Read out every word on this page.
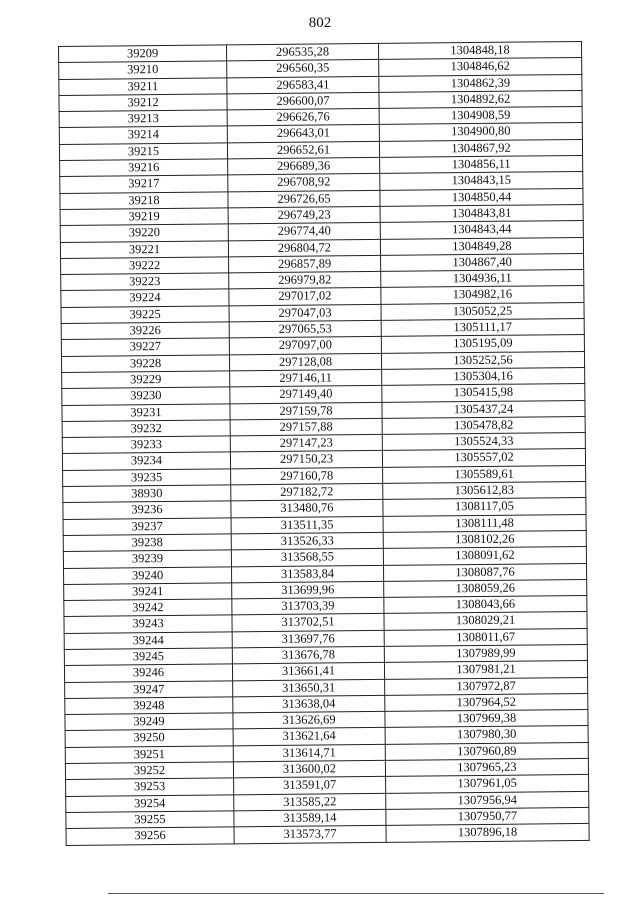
802
39209	296535,28	1304848,18
39210	296560,35	1304846,62
39211	296583,41	1304862,39
39212	296600,07	1304892,62
39213	296626,76	1304908,59
39214	296643,01	1304900,80
39215	296652,61	1304867,92
39216	296689,36	1304856,11
39217	296708,92	1304843,15
39218	296726,65	1304850,44
39219	296749,23	1304843,81
39220	296774,40	1304843,44
39221	296804,72	1304849,28
39222	296857,89	1304867,40
39223	296979,82	1304936,11
39224	297017,02	1304982,16
39225	297047,03	1305052,25
39226	297065,53	1305111,17
39227	297097,00	1305195,09
39228	297128,08	1305252,56
39229	297146,11	1305304,16
39230	297149,40	1305415,98
39231	297159,78	1305437,24
39232	297157,88	1305478,82
39233	297147,23	1305524,33
39234	297150,23	1305557,02
39235	297160,78	1305589,61
38930	297182,72	1305612,83
39236	313480,76	1308117,05
39237	313511,35	1308111,48
39238	313526,33	1308102,26
39239	313568,55	1308091,62
39240	313583,84	1308087,76
39241	313699,96	1308059,26
39242	313703,39	1308043,66
39243	313702,51	1308029,21
39244	313697,76	1308011,67
39245	313676,78	1307989,99
39246	313661,41	1307981,21
39247	313650,31	1307972,87
39248	313638,04	1307964,52
39249	313626,69	1307969,38
39250	313621,64	1307980,30
39251	313614,71	1307960,89
39252	313600,02	1307965,23
39253	313591,07	1307961,05
39254	313585,22	1307956,94
39255	313589,14	1307950,77
39256	313573,77	1307896,18
